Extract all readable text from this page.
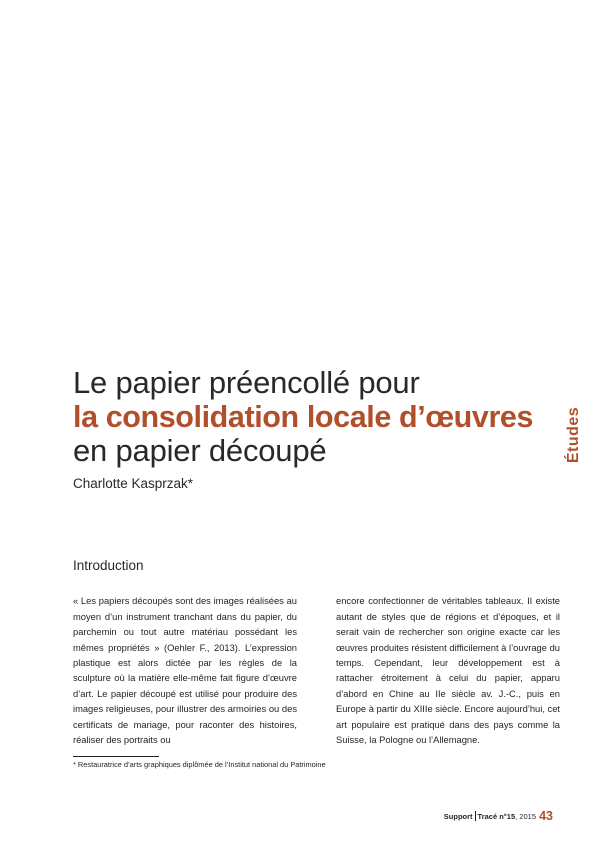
Le papier préencollé pour
la consolidation locale d’œuvres
en papier découpé
Charlotte Kasprzak*
Études
Introduction

« Les papiers découpés sont des images réalisées au moyen d’un instrument tranchant dans du papier, du parchemin ou tout autre matériau possédant les mêmes propriétés » (Oehler F., 2013). L’expression plastique est alors dictée par les règles de la sculpture où la matière elle-même fait figure d’œuvre d’art. Le papier découpé est utilisé pour produire des images religieuses, pour illustrer des armoiries ou des certificats de mariage, pour raconter des histoires, réaliser des portraits ou

encore confectionner de véritables tableaux. Il existe autant de styles que de régions et d’époques, et il serait vain de rechercher son origine exacte car les œuvres produites résistent difficilement à l’ouvrage du temps. Cependant, leur développement est à rattacher étroitement à celui du papier, apparu d’abord en Chine au IIe siècle av. J.-C., puis en Europe à partir du XIIIe siècle. Encore aujourd’hui, cet art populaire est pratiqué dans des pays comme la Suisse, la Pologne ou l’Allemagne.

* Restauratrice d’arts graphiques diplômée de l’Institut national du Patrimoine
Support Tracé n°15, 2015 43
